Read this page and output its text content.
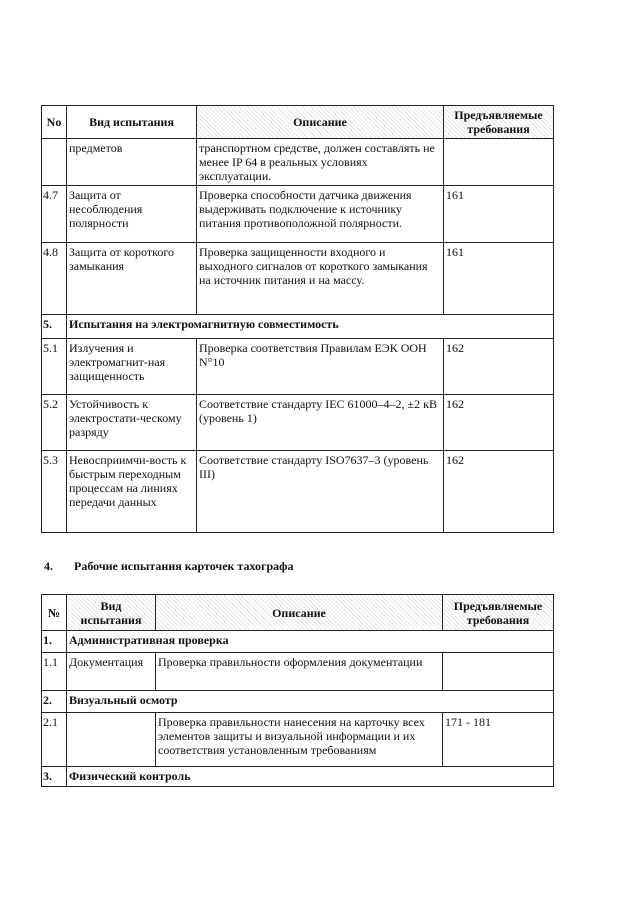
No	Вид испытания	Описание	Предъявляемые требования
	предметов	транспортном средстве, должен составлять не менее IP 64 в реальных условиях эксплуатации.	
4.7	Защита от несоблюдения полярности	Проверка способности датчика движения выдерживать подключение к источнику питания противоположной полярности.	161
4.8	Защита от короткого замыкания	Проверка защищенности входного и выходного сигналов от короткого замыкания на источник питания и на массу.	161
5.	Испытания на электромагнитную совместимость		
5.1	Излучения и электромагнит-ная защищенность	Проверка соответствия Правилам ЕЭК ООН N°10	162
5.2	Устойчивость к электростати-ческому разряду	Соответствие стандарту IEC 61000–4–2, ±2 кВ (уровень 1)	162
5.3	Невосприимчи-вость к быстрым переходным процессам на линиях передачи данных	Соответствие стандарту ISO7637–3 (уровень III)	162
4. Рабочие испытания карточек тахографа
№	Вид испытания	Описание	Предъявляемые требования
1.	Административная проверка		
1.1	Документация	Проверка правильности оформления документации	
2.	Визуальный осмотр		
2.1		Проверка правильности нанесения на карточку всех элементов защиты и визуальной информации и их соответствия установленным требованиям	171 - 181
3.	Физический контроль		
